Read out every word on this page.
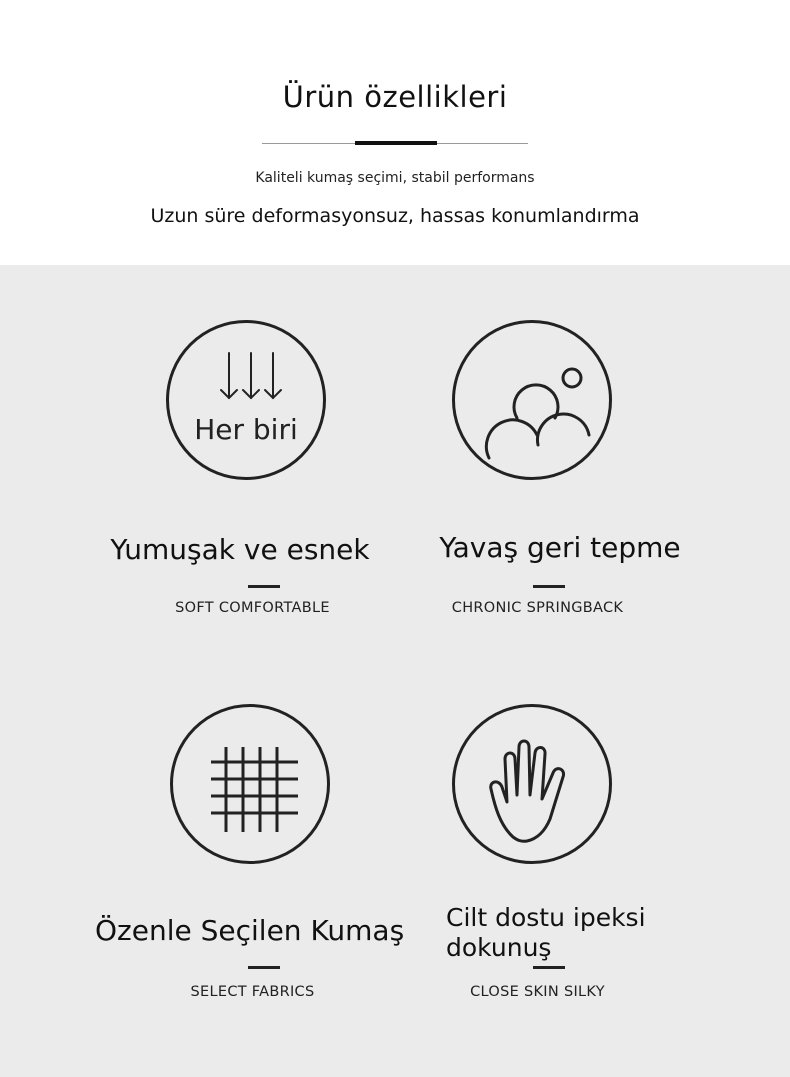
Ürün özellikleri
Kaliteli kumaş seçimi, stabil performans
Uzun süre deformasyonsuz, hassas konumlandırma
Her biri
Yumuşak ve esnek
SOFT COMFORTABLE
Yavaş geri tepme
CHRONIC SPRINGBACK
Özenle Seçilen Kumaş
SELECT FABRICS
Cilt dostu ipeksi
dokunuş
CLOSE SKIN SILKY
